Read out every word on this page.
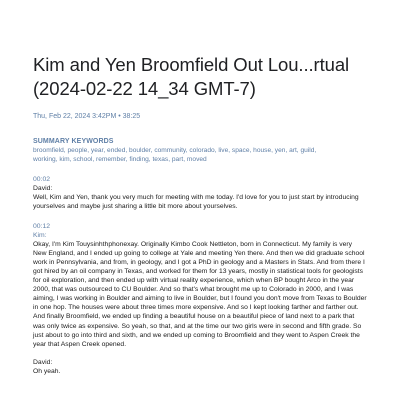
Kim and Yen Broomfield Out Lou...rtual (2024-02-22 14_34 GMT-7)
Thu, Feb 22, 2024 3:42PM • 38:25
SUMMARY KEYWORDS
broomfield, people, year, ended, boulder, community, colorado, live, space, house, yen, art, guild, working, kim, school, remember, finding, texas, part, moved
00:02
David:
Well, Kim and Yen, thank you very much for meeting with me today. I'd love for you to just start by introducing yourselves and maybe just sharing a little bit more about yourselves.
00:12
Kim:
Okay, I'm Kim Touysinhthphonexay. Originally Kimbo Cook Nettleton, born in Connecticut. My family is very New England, and I ended up going to college at Yale and meeting Yen there. And then we did graduate school work in Pennsylvania, and from, in geology, and I got a PhD in geology and a Masters in Stats. And from there I got hired by an oil company in Texas, and worked for them for 13 years, mostly in statistical tools for geologists for oil exploration, and then ended up with virtual reality experience, which when BP bought Arco in the year 2000, that was outsourced to CU Boulder. And so that's what brought me up to Colorado in 2000, and I was aiming, I was working in Boulder and aiming to live in Boulder, but I found you don't move from Texas to Boulder in one hop. The houses were about three times more expensive. And so I kept looking farther and farther out. And finally Broomfield, we ended up finding a beautiful house on a beautiful piece of land next to a park that was only twice as expensive. So yeah, so that, and at the time our two girls were in second and fifth grade. So just about to go into third and sixth, and we ended up coming to Broomfield and they went to Aspen Creek the year that Aspen Creek opened.
David:
Oh yeah.
